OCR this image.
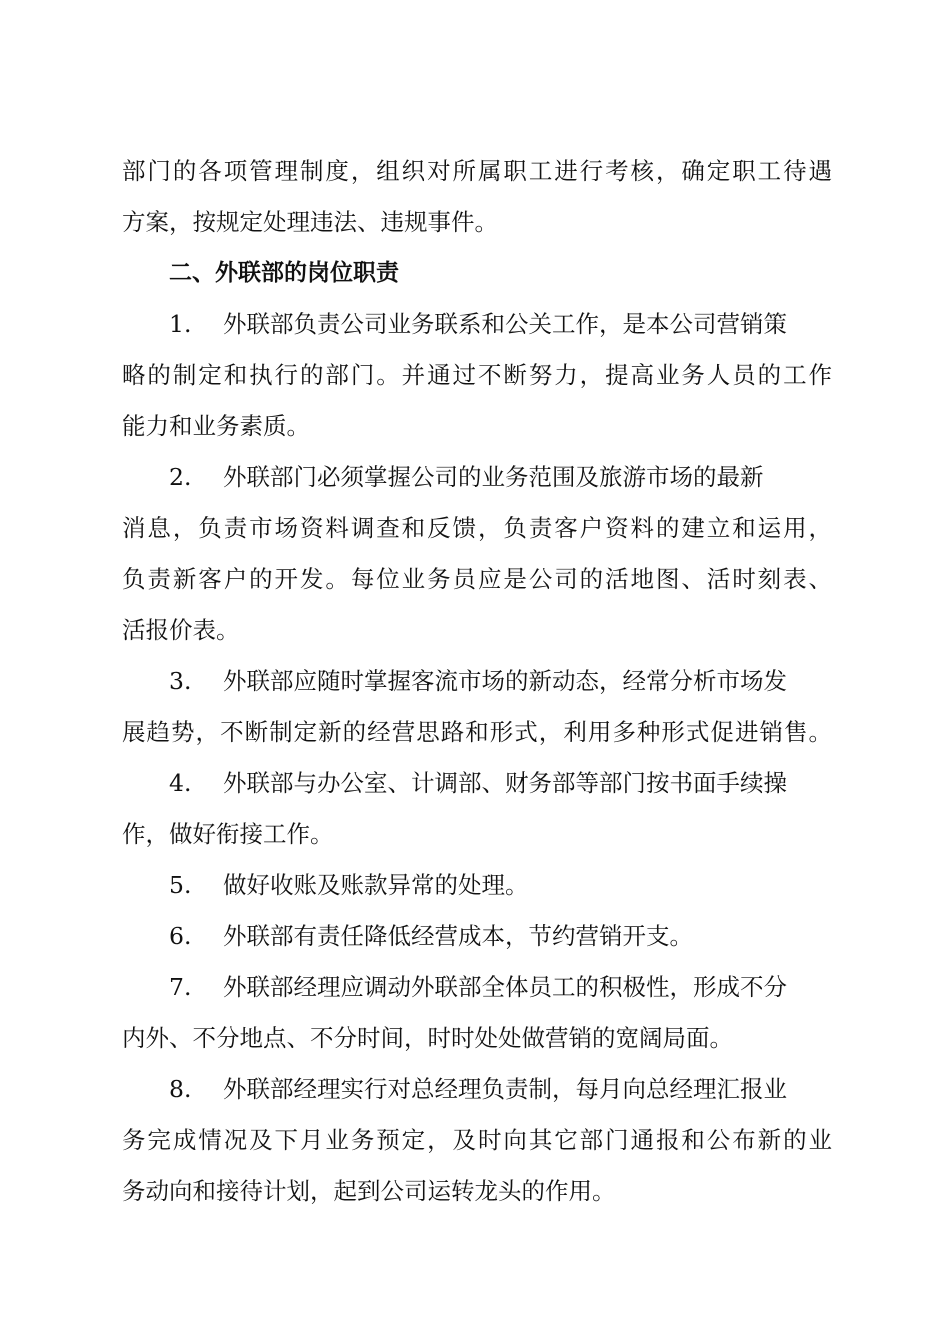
部门的各项管理制度，组织对所属职工进行考核，确定职工待遇
方案，按规定处理违法、违规事件。
二、外联部的岗位职责
1. 外联部负责公司业务联系和公关工作，是本公司营销策
略的制定和执行的部门。并通过不断努力，提高业务人员的工作
能力和业务素质。
2. 外联部门必须掌握公司的业务范围及旅游市场的最新
消息，负责市场资料调查和反馈，负责客户资料的建立和运用，
负责新客户的开发。每位业务员应是公司的活地图、活时刻表、
活报价表。
3. 外联部应随时掌握客流市场的新动态，经常分析市场发
展趋势，不断制定新的经营思路和形式，利用多种形式促进销售。
4. 外联部与办公室、计调部、财务部等部门按书面手续操
作，做好衔接工作。
5. 做好收账及账款异常的处理。
6. 外联部有责任降低经营成本，节约营销开支。
7. 外联部经理应调动外联部全体员工的积极性，形成不分
内外、不分地点、不分时间，时时处处做营销的宽阔局面。
8. 外联部经理实行对总经理负责制，每月向总经理汇报业
务完成情况及下月业务预定，及时向其它部门通报和公布新的业
务动向和接待计划，起到公司运转龙头的作用。
